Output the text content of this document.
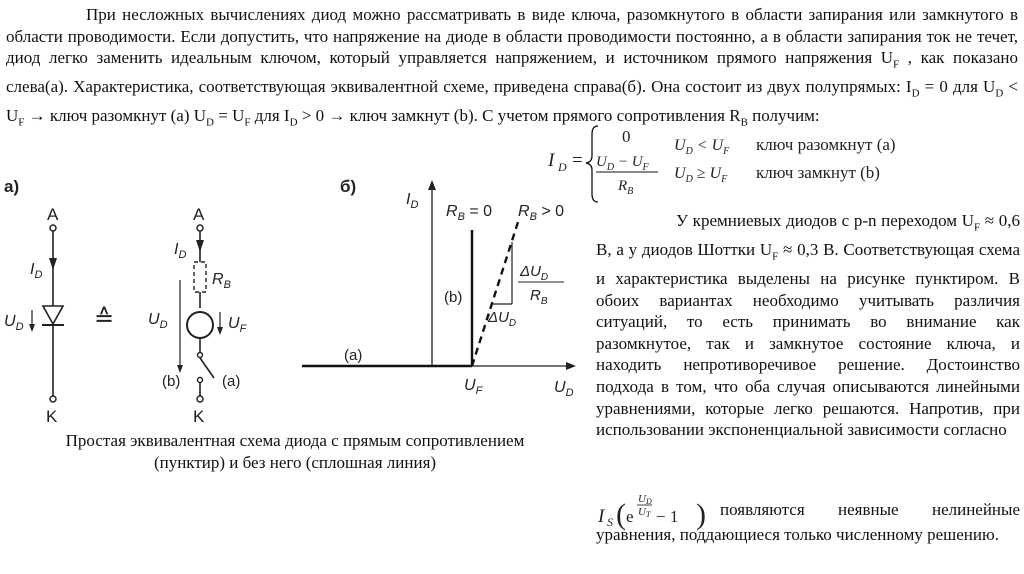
При несложных вычислениях диод можно рассматривать в виде ключа, разомкнутого в области запирания или замкнутого в области проводимости. Если допустить, что напряжение на диоде в области проводимости постоянно, а в области запирания ток не течет, диод легко заменить идеальным ключом, который управляется напряжением, и источником прямого напряжения $U_F$ , как показано слева(а). Характеристика, соответствующая эквивалентной схеме, приведена справа(б). Она состоит из двух полупрямых: $I_D = 0$ для $U_D < U_F$ → ключ разомкнут (а) $U_D = U_F$ для $I_D > 0$ → ключ замкнут (b). С учетом прямого сопротивления $R_B$ получим:

I D =
0	$U_D < U_F$ ключ разомкнут (а)
$U_D - U_F$
$R_B$
$U_D \ge U_F$ ключ замкнут (b)
а)
A
$I_D$
$U_D$
K
≙
A
$I_D$
$R_B$
$U_D$	$U_F$
(b)	(a)
K
б)
$I_D$
$U_D$
(a)
(b)
$R_B = 0$ $R_B > 0$
$\Delta U_D$
$R_B$
$\Delta U_D$
$U_F$
Простая эквивалентная схема диода с прямым сопротивлением (пунктир) и без него (сплошная линия)

У кремниевых диодов с p-n переходом $U_F \approx 0,6$ В, а у диодов Шоттки $U_F \approx 0,3$ В. Соответствующая схема и характеристика выделены на рисунке пунктиром. В обоих вариантах необходимо учитывать различия ситуаций, то есть принимать во внимание как разомкнутое, так и замкнутое состояние ключа, и находить непротиворечивое решение. Достоинство подхода в том, что оба случая описываются линейными уравнениями, которые легко решаются. Напротив, при использовании экспоненциальной зависимости согласно

I S ( e
UD
UT − 1 ) появляются неявные нелинейные
уравнения, поддающиеся только численному решению.
